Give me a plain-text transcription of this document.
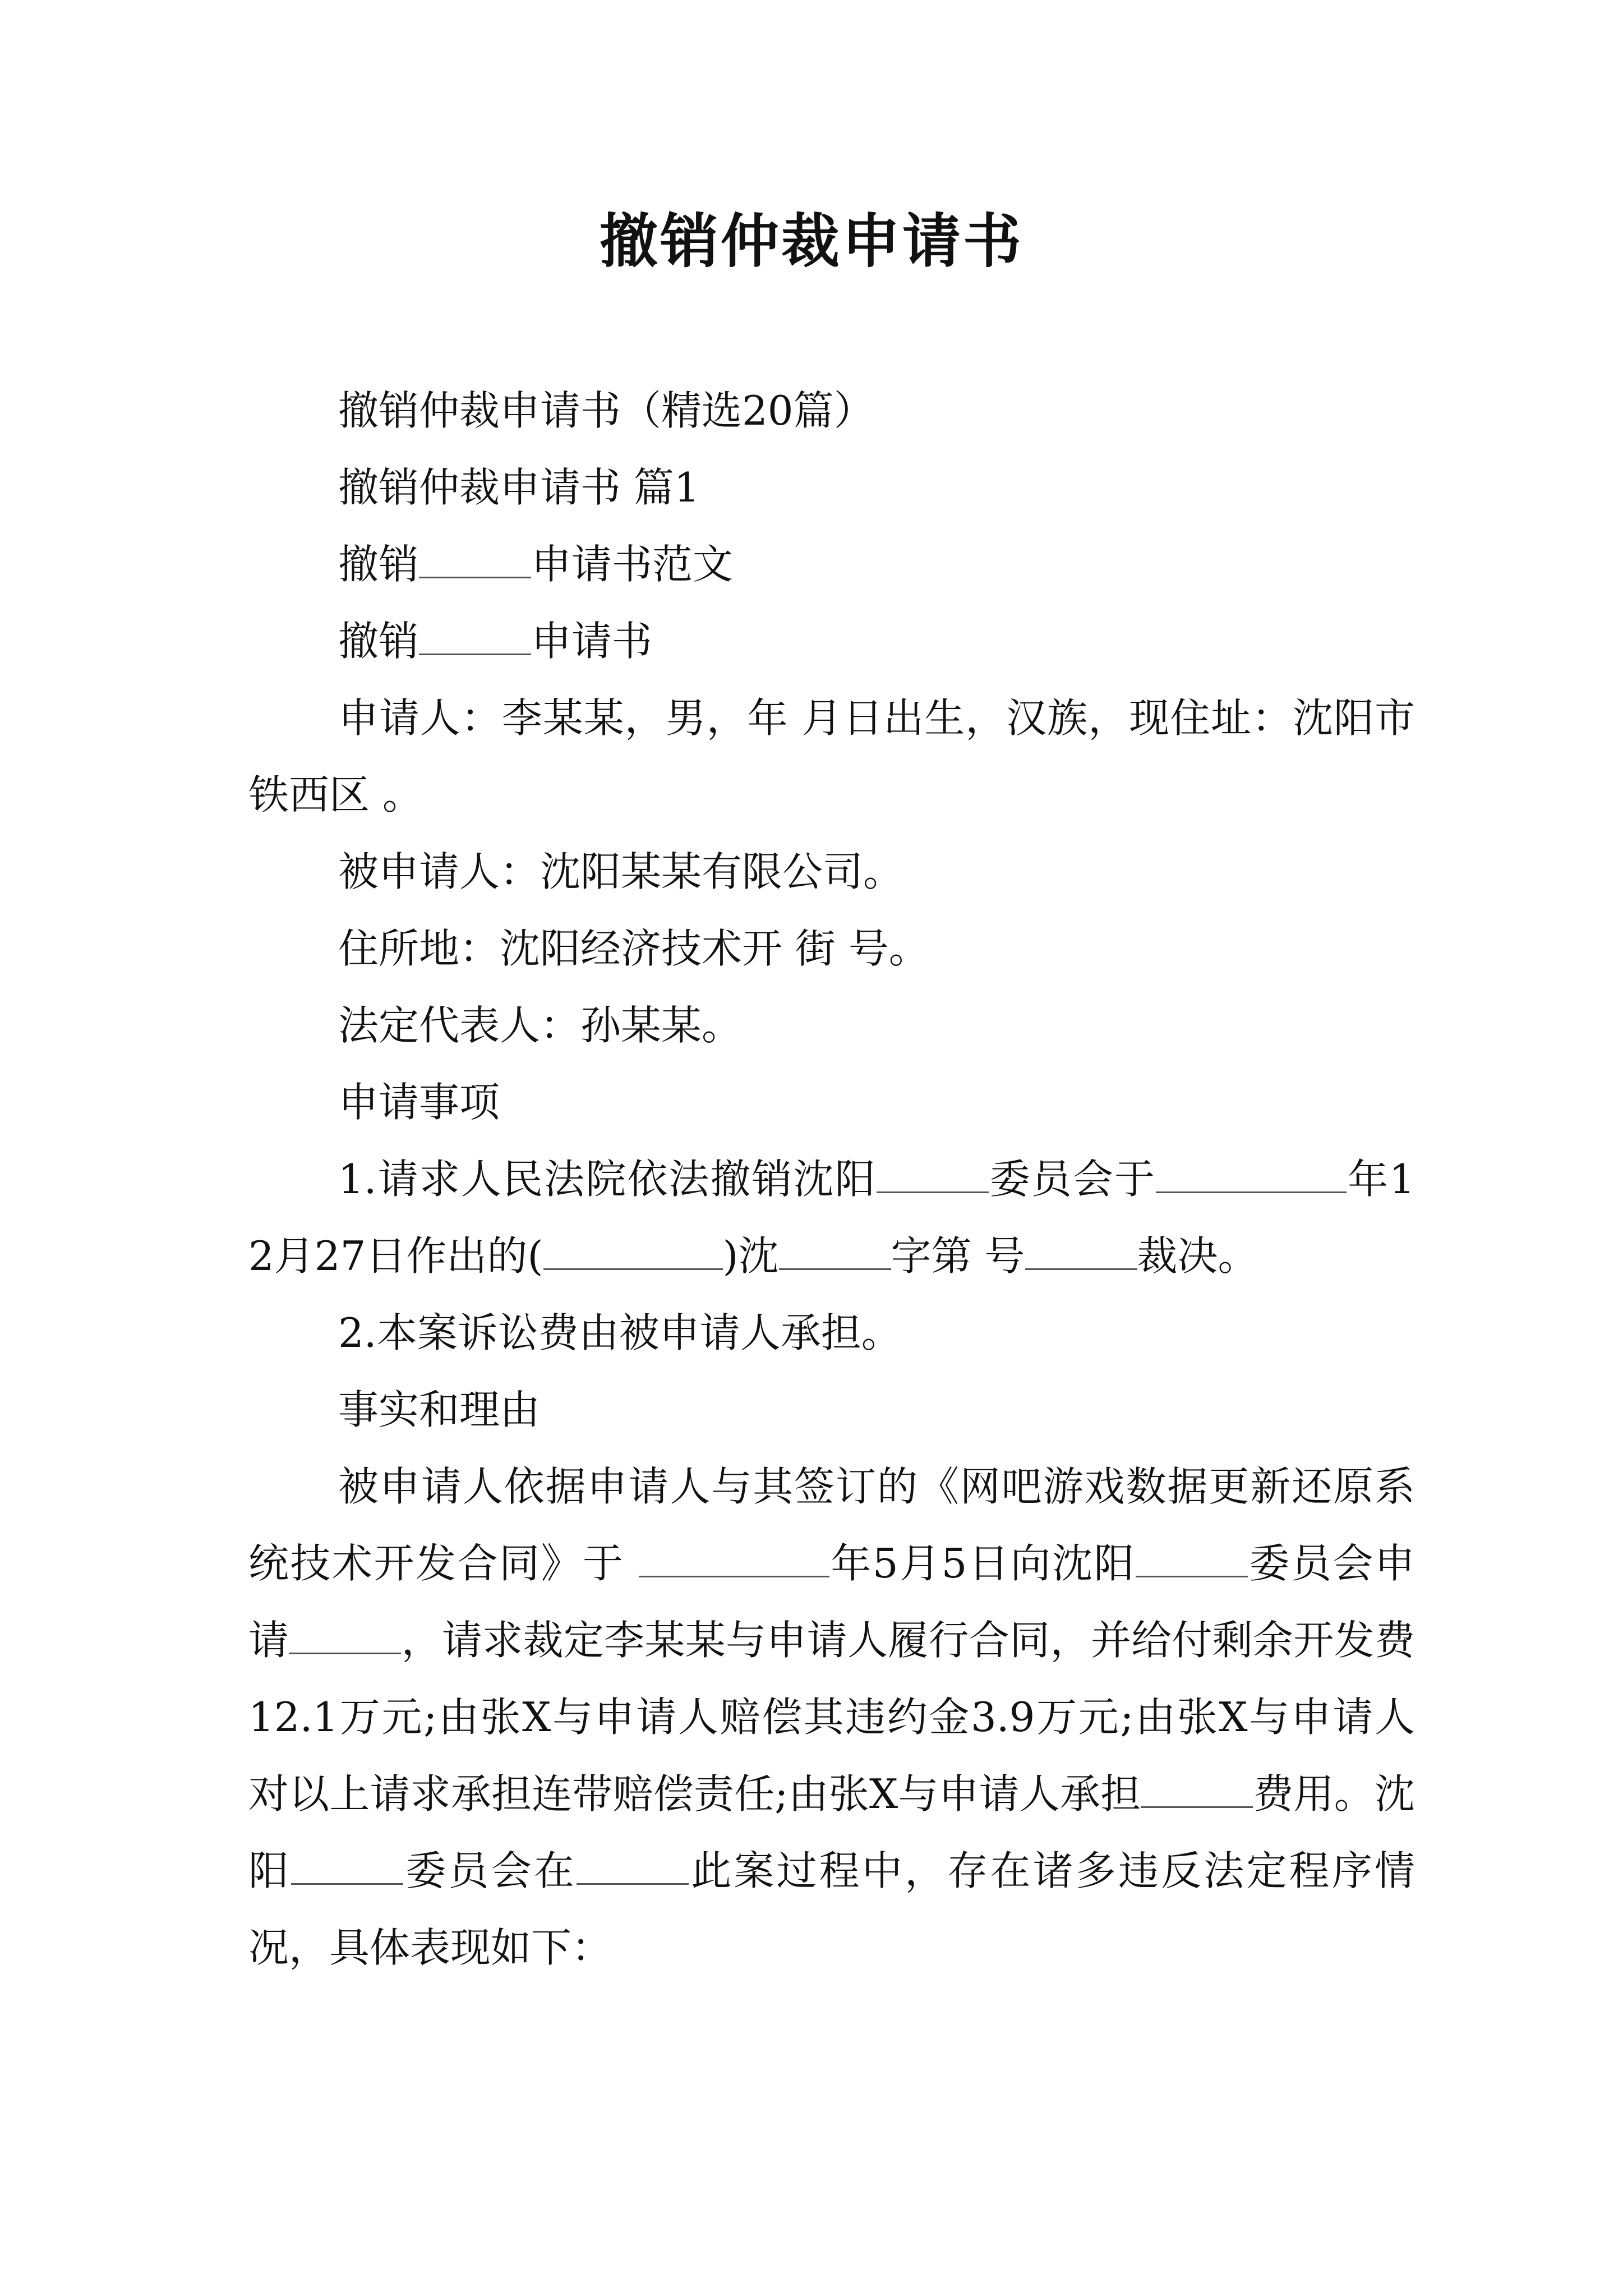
撤销仲裁申请书

撤销仲裁申请书（精选20篇）

撤销仲裁申请书 篇1

撤销	申请书范文

撤销	申请书

申请人：李某某，男，年 月日出生，汉族，现住址：沈阳市铁西区 。

被申请人：沈阳某某有限公司。

住所地：沈阳经济技术开 街 号。

法定代表人：孙某某。

申请事项

1.请求人民法院依法撤销沈阳	委员会于	年12月27日作出的(	)沈	字第 号	裁决。

2.本案诉讼费由被申请人承担。

事实和理由

被申请人依据申请人与其签订的《网吧游戏数据更新还原系统技术开发合同》于	年5月5日向沈阳	委员会申请	，请求裁定李某某与申请人履行合同，并给付剩余开发费12.1万元;由张X与申请人赔偿其违约金3.9万元;由张X与申请人对以上请求承担连带赔偿责任;由张X与申请人承担	费用。沈阳	委员会在	此案过程中，存在诸多违反法定程序情况，具体表现如下：
